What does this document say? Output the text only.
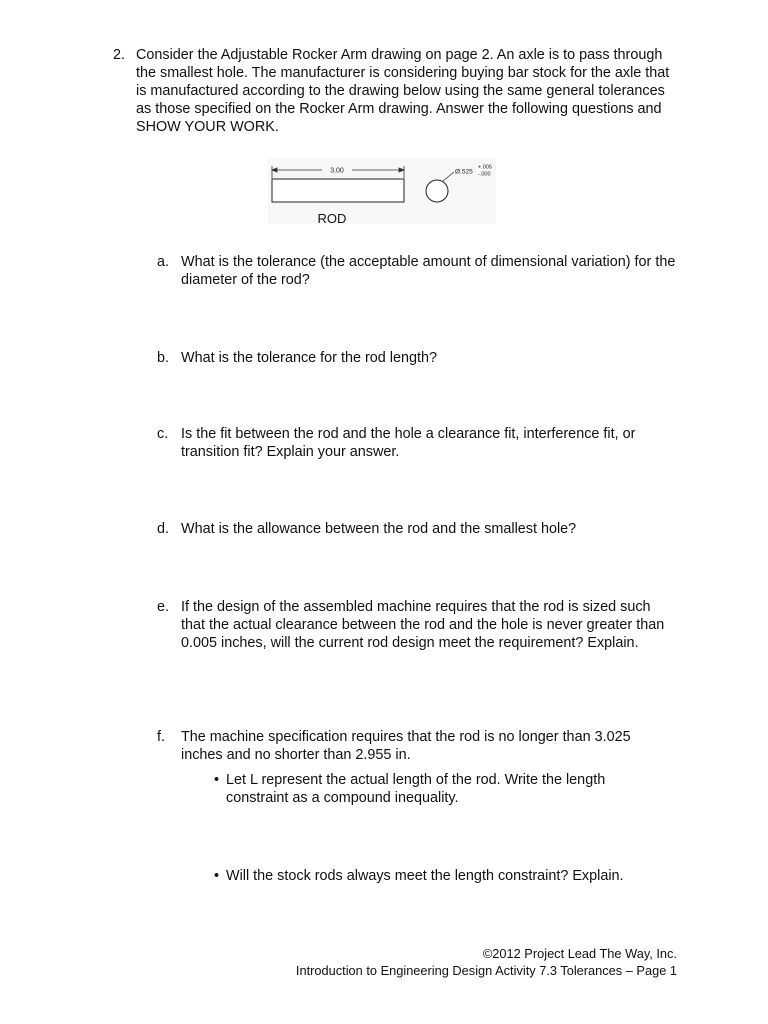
2. Consider the Adjustable Rocker Arm drawing on page 2. An axle is to pass through the smallest hole. The manufacturer is considering buying bar stock for the axle that is manufactured according to the drawing below using the same general tolerances as those specified on the Rocker Arm drawing. Answer the following questions and SHOW YOUR WORK.
3.00	Ø.525
+.005
-.000
ROD
a. What is the tolerance (the acceptable amount of dimensional variation) for the diameter of the rod?
b. What is the tolerance for the rod length?
c. Is the fit between the rod and the hole a clearance fit, interference fit, or transition fit? Explain your answer.
d. What is the allowance between the rod and the smallest hole?
e. If the design of the assembled machine requires that the rod is sized such that the actual clearance between the rod and the hole is never greater than 0.005 inches, will the current rod design meet the requirement? Explain.
f.	The machine specification requires that the rod is no longer than 3.025 inches and no shorter than 2.955 in.
• Let L represent the actual length of the rod. Write the length constraint as a compound inequality.
• Will the stock rods always meet the length constraint? Explain.
©2012 Project Lead The Way, Inc.
Introduction to Engineering Design Activity 7.3 Tolerances – Page 1
